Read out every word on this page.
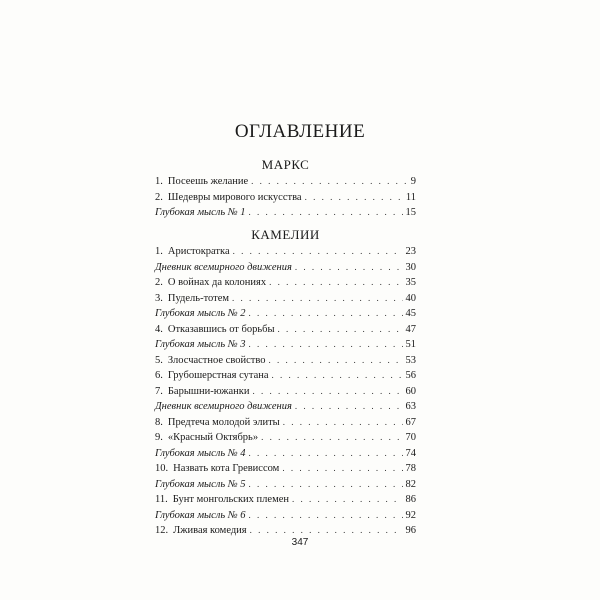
ОГЛАВЛЕНИЕ
МАРКС
1. Посеешь желание . . .	9
2. Шедевры мирового искусства . . .	11
Глубокая мысль № 1 . . .	15
КАМЕЛИИ
1. Аристократка . . .	23
Дневник всемирного движения . . .	30
2. О войнах да колониях . . .	35
3. Пудель-тотем . . .	40
Глубокая мысль № 2 . . .	45
4. Отказавшись от борьбы . . .	47
Глубокая мысль № 3 . . .	51
5. Злосчастное свойство . . .	53
6. Грубошерстная сутана . . .	56
7. Барышни-южанки . . .	60
Дневник всемирного движения . . .	63
8. Предтеча молодой элиты . . .	67
9. «Красный Октябрь» . . .	70
Глубокая мысль № 4 . . .	74
10. Назвать кота Гревиссом . . .	78
Глубокая мысль № 5 . . .	82
11. Бунт монгольских племен . . .	86
Глубокая мысль № 6 . . .	92
12. Лживая комедия . . .	96
347
